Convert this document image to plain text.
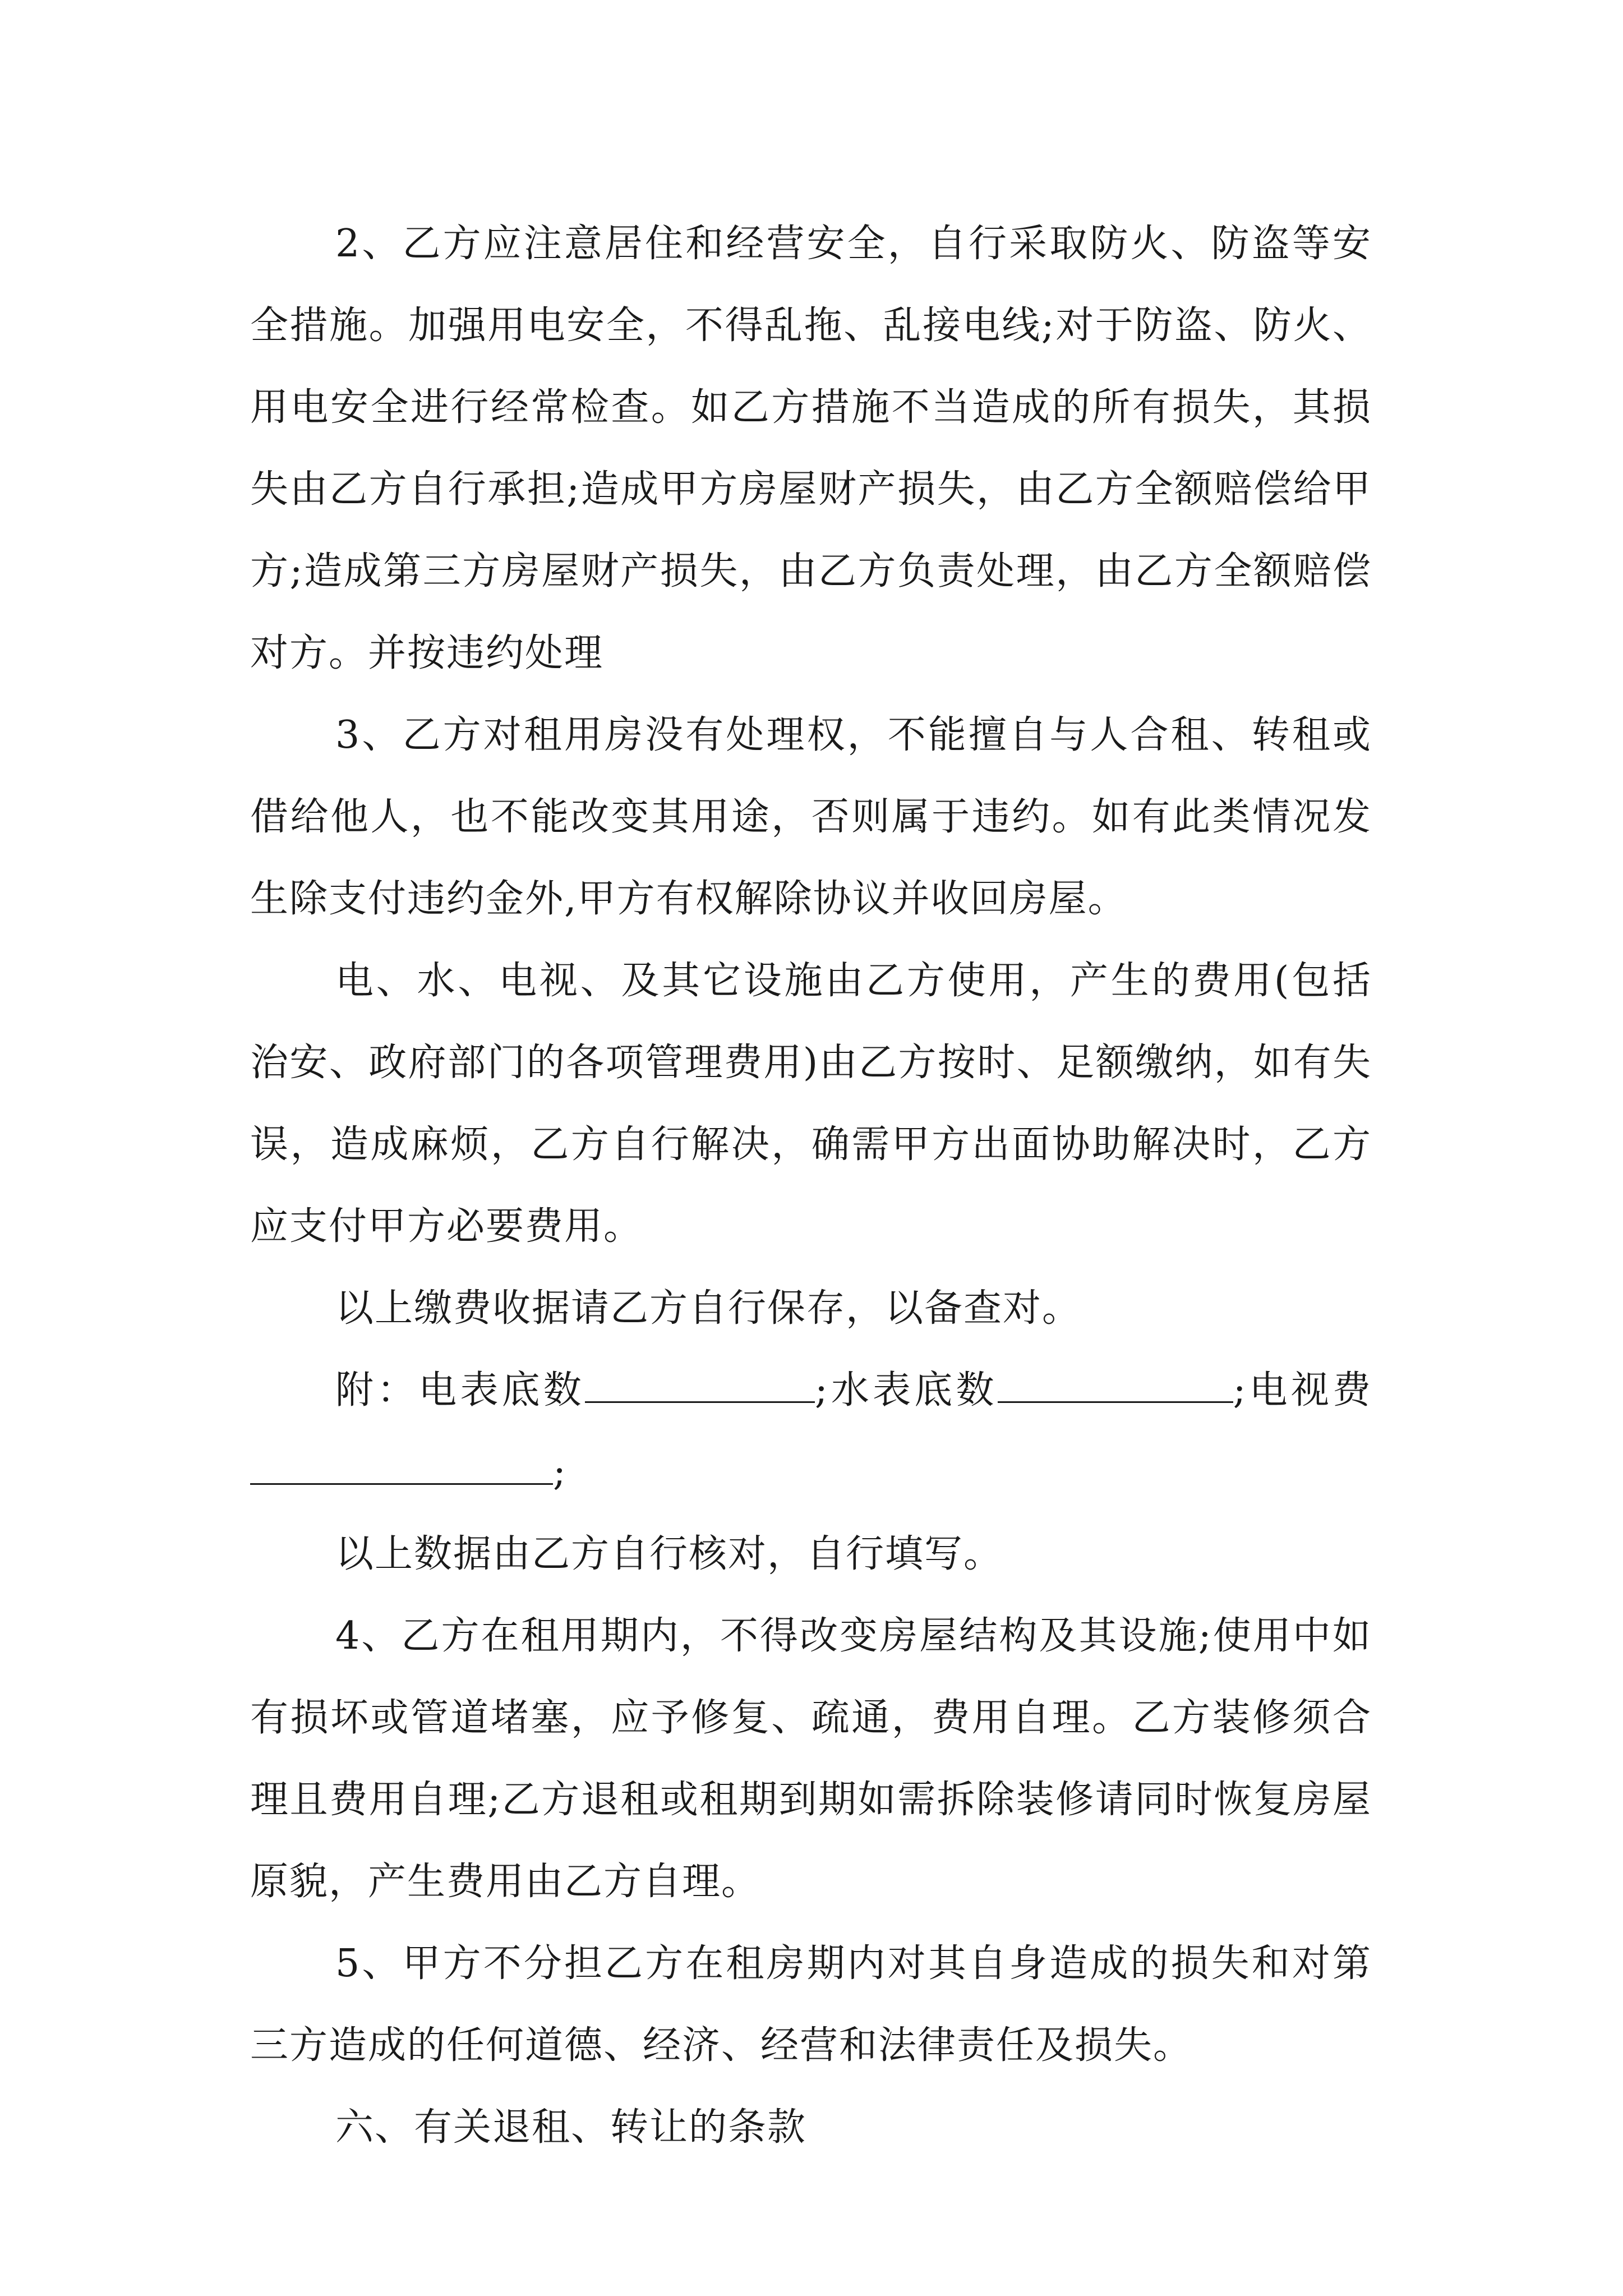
2、乙方应注意居住和经营安全，自行采取防火、防盗等安全措施。加强用电安全，不得乱拖、乱接电线;对于防盗、防火、用电安全进行经常检查。如乙方措施不当造成的所有损失，其损失由乙方自行承担;造成甲方房屋财产损失，由乙方全额赔偿给甲方;造成第三方房屋财产损失，由乙方负责处理，由乙方全额赔偿对方。并按违约处理

3、乙方对租用房没有处理权，不能擅自与人合租、转租或借给他人，也不能改变其用途，否则属于违约。如有此类情况发生除支付违约金外,甲方有权解除协议并收回房屋。

电、水、电视、及其它设施由乙方使用，产生的费用(包括治安、政府部门的各项管理费用)由乙方按时、足额缴纳，如有失误，造成麻烦，乙方自行解决，确需甲方出面协助解决时，乙方应支付甲方必要费用。

以上缴费收据请乙方自行保存，以备查对。

附：电表底数	;水表底数	;电视费;

以上数据由乙方自行核对，自行填写。

4、乙方在租用期内，不得改变房屋结构及其设施;使用中如有损坏或管道堵塞，应予修复、疏通，费用自理。乙方装修须合理且费用自理;乙方退租或租期到期如需拆除装修请同时恢复房屋原貌，产生费用由乙方自理。

5、甲方不分担乙方在租房期内对其自身造成的损失和对第三方造成的任何道德、经济、经营和法律责任及损失。

六、有关退租、转让的条款
